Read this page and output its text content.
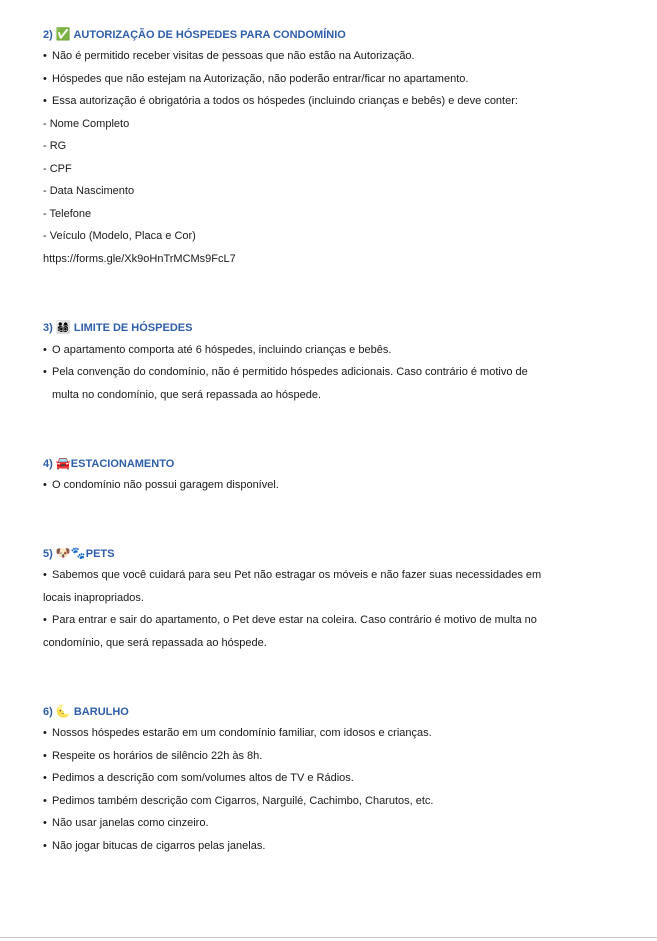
2) ✅ AUTORIZAÇÃO DE HÓSPEDES PARA CONDOMÍNIO
• Não é permitido receber visitas de pessoas que não estão na Autorização.
• Hóspedes que não estejam na Autorização, não poderão entrar/ficar no apartamento.
• Essa autorização é obrigatória a todos os hóspedes (incluindo crianças e bebês) e deve conter:
- Nome Completo
- RG
- CPF
- Data Nascimento
- Telefone
- Veículo (Modelo, Placa e Cor)
https://forms.gle/Xk9oHnTrMCMs9FcL7
3) 👨‍👩‍👧‍👦 LIMITE DE HÓSPEDES
• O apartamento comporta até 6 hóspedes, incluindo crianças e bebês.
• Pela convenção do condomínio, não é permitido hóspedes adicionais. Caso contrário é motivo de
multa no condomínio, que será repassada ao hóspede.
4) 🚘ESTACIONAMENTO
• O condomínio não possui garagem disponível.
5) 🐶🐾PETS
• Sabemos que você cuidará para seu Pet não estragar os móveis e não fazer suas necessidades em
locais inapropriados.
• Para entrar e sair do apartamento, o Pet deve estar na coleira. Caso contrário é motivo de multa no
condomínio, que será repassada ao hóspede.
6) 🌜 BARULHO
• Nossos hóspedes estarão em um condomínio familiar, com idosos e crianças.
• Respeite os horários de silêncio 22h às 8h.
• Pedimos a descrição com som/volumes altos de TV e Rádios.
• Pedimos também descrição com Cigarros, Narguilé, Cachimbo, Charutos, etc.
• Não usar janelas como cinzeiro.
• Não jogar bitucas de cigarros pelas janelas.
